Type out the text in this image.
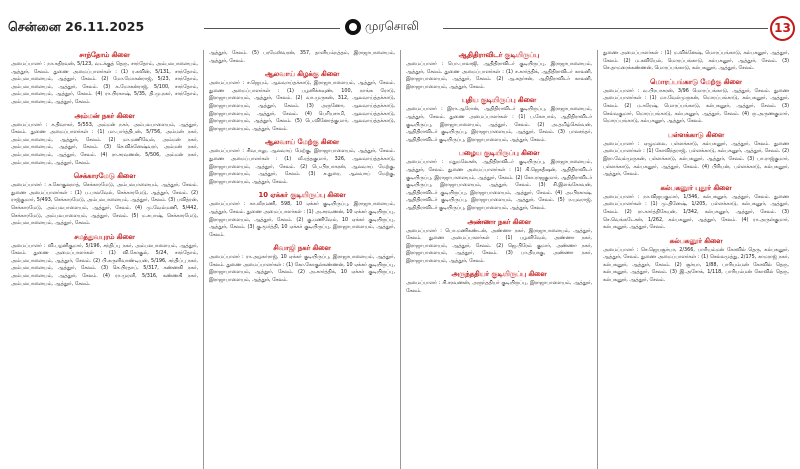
சென்னை 26.11.2025	முரசொலி	13
சாந்தோம் கிளை

அமைப்பாளர் : நா.கதிரவன், 5/123, வடக்குத் தெரு, சாந்தோம், அம்பலபாளையம், ஆத்தூர், சேலம். துணை அமைப்பாளர்கள் : (1) ர.கவின், 5/131, சாந்தோம், அம்பலபாளையம், ஆத்தூர், சேலம். (2) மோ.மோகன்ராஜ், 5/23, சாந்தோம், அம்பலபாளையம், ஆத்தூர், சேலம். (3) க.மோகன்ராஜ், 5/100, சாந்தோம், அம்பலபாளையம், ஆத்தூர், சேலம். (4) ரா.பிரகாஷ், 5/35, தி.மு.நகர், சாந்தோம், அம்பலபாளையம், ஆத்தூர், சேலம்.

அம்மன் நகர் கிளை

அமைப்பாளர் : ச.திவாகர், 5/553, அம்மன் நகர், அம்பலபாளையம், ஆத்தூர், சேலம். துணை அமைப்பாளர்கள் : (1) மா.பார்த்திபன், 5/756, அம்மன் நகர், அம்பலபாளையம், ஆத்தூர், சேலம். (2) மா.மணிவேல், அம்மன் நகர், அம்பலபாளையம், ஆத்தூர், சேலம். (3) செ.விக்னேஷ்வரர், அம்மன் நகர், அம்பலபாளையம், ஆத்தூர், சேலம். (4) ரா.சரவணன், 5/506, அம்மன் நகர், அம்பலபாளையம், ஆத்தூர், சேலம்.

செக்காரமேடு கிளை

அமைப்பாளர் : ச.கோகுலநாத், செக்காரமேடு, அம்பலபாளையம், ஆத்தூர், சேலம். துணை அமைப்பாளர்கள் : (1) ப.பாலவேல், செக்காரமேடு, ஆத்தூர், சேலம். (2) ராஜ்குமார், 5/493, செக்காரமேடு, அம்பலபாளையம், ஆத்தூர், சேலம். (3) பவித்ரன், செக்காரமேடு, அம்பலபாளையம், ஆத்தூர், சேலம். (4) மு.வேல்மணி, 5/442, செக்காரமேடு, அம்பலபாளையம், ஆத்தூர், சேலம். (5) ம.சுபாஷ், செக்காரமேடு, அம்பலபாளையம், ஆத்தூர், சேலம்.

சமத்துவபுரம் கிளை

அமைப்பாளர் : வி.பழனிகுமார், 5/196, சந்திப்பு நகர், அம்பலபாளையம், ஆத்தூர், சேலம். துணை அமைப்பாளர்கள் : (1) வி.கோகுல், 5/24, சாந்தோம், அம்பலபாளையம், ஆத்தூர், சேலம். (2) பி.சுருளிவாண்டியன், 5/196, சந்திப்பு நகர், அம்பலபாளையம், ஆத்தூர், சேலம். (3) செ.பிரதாப், 5/317, கண்ணகி நகர், அம்பலபாளையம், ஆத்தூர், சேலம். (4) ரா.முரளி, 5/316, கண்ணகி நகர், அம்பலபாளையம், ஆத்தூர், சேலம்.

ஆத்தூர், சேலம். (5) பரமேஸ்வரன், 357, தாளியம்நத்தம், இராஜாபாளையம், ஆத்தூர், சேலம்.

ஆலவாய் கிழக்கு கிளை

அமைப்பாளர் : ச.ஜெயம், ஆலவாய்தக்காடு, இராஜாபாளையம், ஆத்தூர், சேலம். துணை அமைப்பாளர்கள் : (1) பழனிக்கவுண், 100, நாங்க ரோடு, இராஜாபாளையம், ஆத்தூர், சேலம். (2) வா.முருகன், 312, ஆலவாய்த்தக்காடு, இராஜாபாளையம், ஆத்தூர், சேலம். (3) அருணோ, ஆலவாய்த்தக்காடு, இராஜாபாளையம், ஆத்தூர், சேலம். (4) பெரியசாமி, ஆலவாய்த்தக்காடு, இராஜாபாளையம், ஆத்தூர், சேலம். (5) பெ.வினோத்குமார், ஆலவாய்த்தக்காடு, இராஜாபாளையம், ஆத்தூர், சேலம்.

ஆலவாய் மேற்கு கிளை

அமைப்பாளர் : சிவபாலு, ஆலவாய் மேற்கு, இராஜாபாளையம், ஆத்தூர், சேலம். துணை அமைப்பாளர்கள் : (1) வீ.ரத்தகுமார், 326, ஆலவாய்த்தக்காடு, இராஜாபாளையம், ஆத்தூர், சேலம். (2) பெ.பிரபாகரன், ஆலவாய் மேற்கு, இராஜாபாளையம், ஆத்தூர், சேலம். (3) சு.துரை, ஆலவாய் மேற்கு, இராஜாபாளையம், ஆத்தூர், சேலம்.

10 ஏக்கர் குடியிருப்பு கிளை

அமைப்பாளர் : கா.வீரமணி, 598, 10 ஏக்கர் குடியிருப்பு, இராஜாபாளையம், ஆத்தூர், சேலம். துணை அமைப்பாளர்கள் : (1) அ.சரவணன், 10 ஏக்கர் குடியிருப்பு, இராஜாபாளையம், ஆத்தூர், சேலம். (2) கு.மணிவேல், 10 ஏக்கர் குடியிருப்பு, ஆத்தூர், சேலம். (3) கு.மூர்த்தி, 10 ஏக்கர் குடியிருப்பு, இராஜாபாளையம், ஆத்தூர், சேலம்.

சிவாஜி நகர் கிளை

அமைப்பாளர் : ரா.அழகர்ராஜ், 10 ஏக்கர் குடியிருப்பு, இராஜாபாளையம், ஆத்தூர், சேலம். துணை அமைப்பாளர்கள் : (1) கோ.கோகுல்கண்ணன், 10 ஏக்கர் குடியிருப்பு, இராஜாபாளையம், ஆத்தூர், சேலம். (2) அ.கார்த்திக், 10 ஏக்கர் குடியிருப்பு, இராஜாபாளையம், ஆத்தூர், சேலம்.

ஆதிதிராவிடர் குடியிருப்பு

அமைப்பாளர் : பொ.பாலாஜி, ஆதிதிராவிடர் குடியிருப்பு, இராஜாபாளையம், ஆத்தூர், சேலம். துணை அமைப்பாளர்கள் : (1) ச.கார்த்திக், ஆதிதிராவிடர் காலனி, இராஜாபாளையம், ஆத்தூர், சேலம். (2) ஆ.சுதர்சன், ஆதிதிராவிடர் காலனி, இராஜாபாளையம், ஆத்தூர், சேலம்.

புதிய குடியிருப்பு கிளை

அமைப்பாளர் : இரா.ஆரோன், ஆதிதிராவிடர் குடியிருப்பு, இராஜாபாளையம், ஆத்தூர், சேலம். துணை அமைப்பாளர்கள் : (1) ப.கோபால், ஆதிதிராவிடர் குடியிருப்பு, இராஜாபாளையம், ஆத்தூர், சேலம். (2) அ.தமிழ்செல்வன், ஆதிதிராவிடர் குடியிருப்பு, இராஜாபாளையம், ஆத்தூர், சேலம். (3) பாலசந்தர், ஆதிதிராவிடர் குடியிருப்பு, இராஜாபாளையம், ஆத்தூர், சேலம்.

பழைய குடியிருப்பு கிளை

அமைப்பாளர் : மதுமலேசன், ஆதிதிராவிடர் குடியிருப்பு, இராஜாபாளையம், ஆத்தூர், சேலம். துணை அமைப்பாளர்கள் : (1) கி.ஜெகதீஷன், ஆதிதிராவிடர் குடியிருப்பு, இராஜாபாளையம், ஆத்தூர், சேலம். (2) கோ.ராஜகுமார், ஆதிதிராவிடர் குடியிருப்பு, இராஜாபாளையம், ஆத்தூர், சேலம். (3) சி.இளங்கோவன், ஆதிதிராவிடர் குடியிருப்பு, இராஜாபாளையம், ஆத்தூர், சேலம். (4) அ.பிரகாஷ், ஆதிதிராவிடர் குடியிருப்பு, இராஜாபாளையம், ஆத்தூர், சேலம். (5) ர.யுவராஜ், ஆதிதிராவிடர் குடியிருப்பு, இராஜாபாளையம், ஆத்தூர், சேலம்.

அண்ணா நகர் கிளை

அமைப்பாளர் : பொ.மணிகண்டன், அண்ணா நகர், இராஜாபாளையம், ஆத்தூர், சேலம். துணை அமைப்பாளர்கள் : (1) பழனிவேல், அண்ணா நகர், இராஜாபாளையம், ஆத்தூர், சேலம். (2) ஜெ.பிரேம் குமார், அண்ணா நகர், இராஜாபாளையம், ஆத்தூர், சேலம். (3) பா.தியாகு, அண்ணா நகர், இராஜாபாளையம், ஆத்தூர், சேலம்.

அருந்ததியர் குடியிருப்பு கிளை

அமைப்பாளர் : சி.சரவணன், அருந்ததியர் குடியிருப்பு, இராஜாபாளையம், ஆத்தூர், சேலம்.

துணை அமைப்பாளர்கள் : (1) ம.விக்னேஷ், மொரப்பங்காடு, கல்பகனூர், ஆத்தூர், சேலம். (2) ம.கவியேல், மொரப்பங்காடு, கல்பகனூர், ஆத்தூர், சேலம். (3) செ.தாமரைக்கண்ணன், மொரப்பங்காடு, கல்பகனூர், ஆத்தூர், சேலம்.

மொரப்பங்காடு மேற்கு கிளை

அமைப்பாளர் : வ.பிரபாகரன், 3/96 மொரப்பங்காடு, ஆத்தூர், சேலம். துணை அமைப்பாளர்கள் : (1) மா.வேல்முருகன், மொரப்பங்காடு, கல்பகனூர், ஆத்தூர், சேலம். (2) ம.சுரேஷ், மொரப்பங்காடு, கல்பகனூர், ஆத்தூர், சேலம். (3) செல்வகுமார், மொரப்பங்காடு, கல்பகனூர், ஆத்தூர், சேலம். (4) ரு.அருணகுமார், மொரப்பங்காடு, கல்பகனூர், ஆத்தூர், சேலம்.

பள்ளக்காடு கிளை

அமைப்பாளர் : ஏழுமலை, பள்ளக்காடு, கல்பகனூர், ஆத்தூர், சேலம். துணை அமைப்பாளர்கள் : (1) கோவிந்தராஜ், பள்ளக்காடு, கல்பகனூர், ஆத்தூர், சேலம். (2) இரா.வேல்முருகன், பள்ளக்காடு, கல்பகனூர், ஆத்தூர், சேலம். (3) பா.ராஜ்குமார், பள்ளக்காடு, கல்பகனூர், ஆத்தூர், சேலம். (4) பிரியன், பள்ளக்காடு, கல்பகனூர், ஆத்தூர், சேலம்.

கல்பகனூர் புதூர் கிளை

அமைப்பாளர் : நா.விஜயகுமார், 1/346, கல்பகனூர், ஆத்தூர், சேலம். துணை அமைப்பாளர்கள் : (1) மு.தினேஷ், 1/205, பள்ளக்காடு, கல்பகனூர், ஆத்தூர், சேலம். (2) ரா.கார்த்திகேயன், 1/342, கல்பகனூர், ஆத்தூர், சேலம். (3) செ.வெங்கடேசன், 1/262, கல்பகனூர், ஆத்தூர், சேலம். (4) ரா.அருள்குமார், கல்பகனூர், ஆத்தூர், சேலம்.

கல்பகனூர் கிளை

அமைப்பாளர் : செ.ஜெயசூர்யா, 2/366, பாரியம்மன் கோவில் தெரு, கல்பகனூர், ஆத்தூர், சேலம். துணை அமைப்பாளர்கள் : (1) செல்லமுத்து, 2/175, காமராஜ் நகர், கல்பகனூர், ஆத்தூர், சேலம். (2) சூர்யா, 1/88, பாரியம்மன் கோவில் தெரு, கல்பகனூர், ஆத்தூர், சேலம். (3) இ.அசோக், 1/118, பாரியம்மன் கோவில் தெரு, கல்பகனூர், ஆத்தூர், சேலம்.
